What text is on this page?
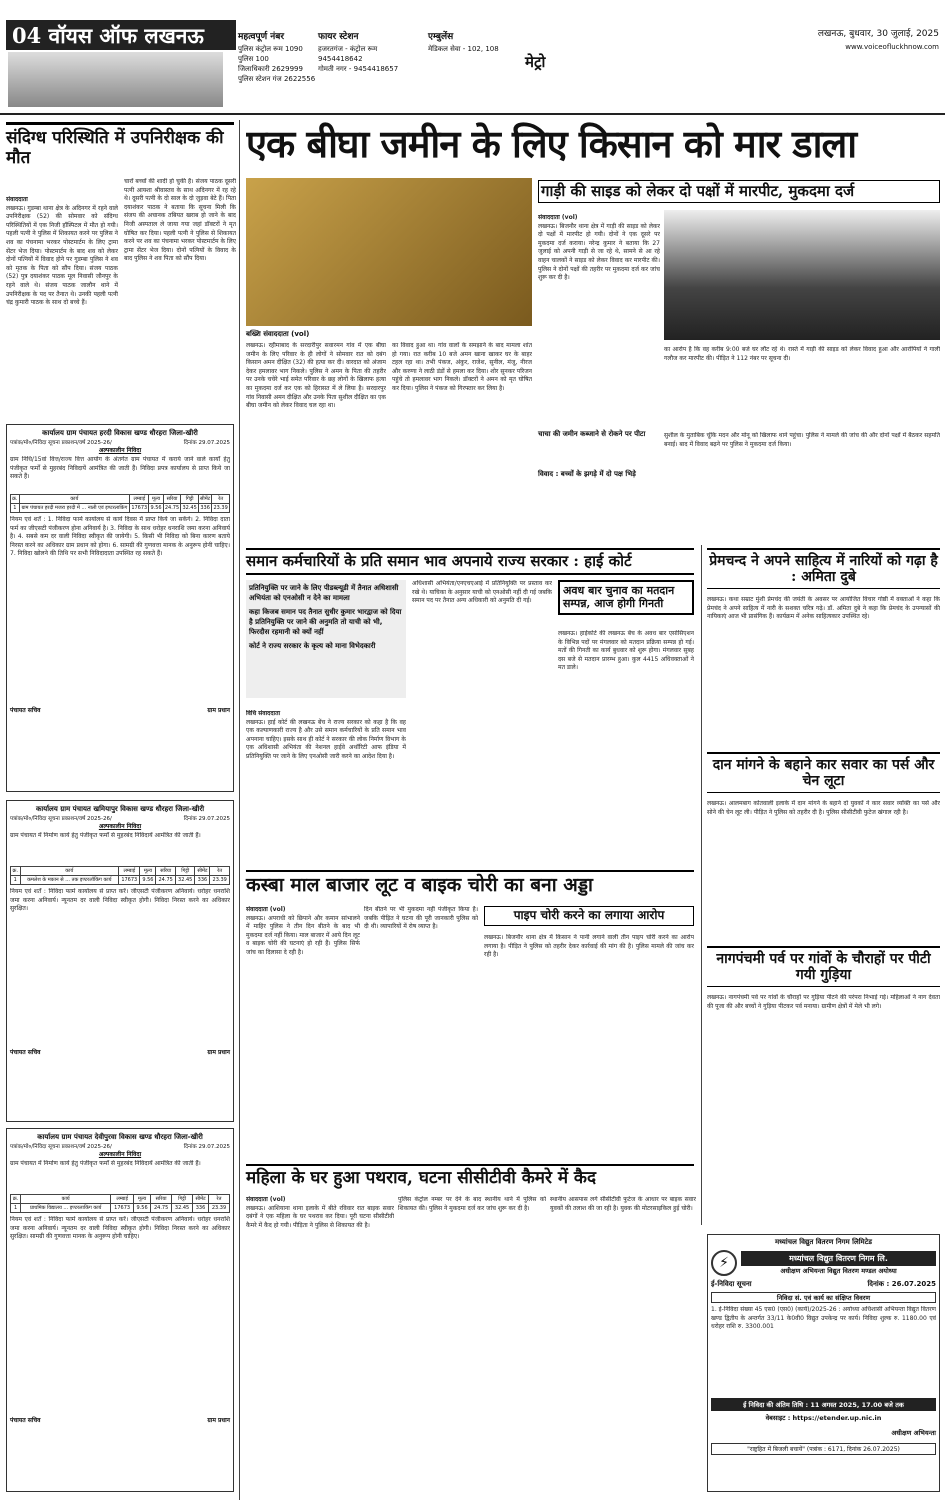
04 वॉयस ऑफ लखनऊ	महत्वपूर्ण नंबर
पुलिस कंट्रोल रूम 1090
पुलिस 100
जिलाधिकारी 2629999
पुलिस स्टेशन गंज 2622556
फायर स्टेशन
हजरतगंज - कंट्रोल रूम
9454418642
गोमती नगर - 9454418657
एम्बुलेंस
मेडिकल सेवा - 102, 108
मेट्रो
लखनऊ, बुधवार, 30 जुलाई, 2025
www.voiceofluckhnow.com
संदिग्ध परिस्थिति में उपनिरीक्षक की मौत
संवाददाता
लखनऊ। गुडम्बा थाना क्षेत्र के अदिनगर में रहने वाले उपनिरीक्षक (52) की सोमवार को संदिग्ध परिस्थितियों में एक निजी हॉस्पिटल में मौत हो गयी। पहली पत्नी ने पुलिस में शिकायत करने पर पुलिस ने शव का पंचनामा भरकर पोस्टमार्टम के लिए ट्रामा सेंटर भेज दिया। पोस्टमार्टम के बाद शव को लेकर दोनों पत्नियों में विवाद होने पर गुडम्बा पुलिस ने शव को मृतक के पिता को सौंप दिया। संजय पाठक (52) पुत्र दयाशंकर पाठक मूल निवासी जौनपुर के रहने वाले थे। संजय पाठक जालौन थाने में उपनिरीक्षक के पद पर तैनात थे। उनकी पहली पत्नी चंद्र कुमारी पाठक के साथ दो बच्चे हैं।
चारों बच्चों की शादी हो चुकी है। संजय पाठक दूसरी पत्नी आयशा श्रीवास्तव के साथ अदिनगर में रह रहे थे। दूसरी पत्नी के दो साल के दो जुड़वा बेटे हैं। पिता दयाशंकर पाठक ने बताया कि सूचना मिली कि संजय की अचानक तबियत खराब हो जाने के बाद निजी अस्पताल ले जाया गया जहां डॉक्टरों ने मृत घोषित कर दिया। पहली पत्नी ने पुलिस से शिकायत करने पर शव का पंचनामा भरकर पोस्टमार्टम के लिए ट्रामा सेंटर भेज दिया। दोनों पत्नियों के विवाद के बाद पुलिस ने शव पिता को सौंप दिया।
कार्यालय ग्राम पंचायत हरदी विकास खण्ड धौरहरा जिला-खीरी
पत्रांक/मो०/निविदा सूचना प्रकाशन/वर्ष 2025-26/	दिनांक 29.07.2025
अल्पकालीन निविदा
ग्राम निधि/15वां वित्त/राज्य वित्त आयोग के अंतर्गत ग्राम पंचायत में कराये जाने वाले कार्यों हेतु पंजीकृत फर्मों से मुहरबंद निविदायें आमंत्रित की जाती हैं। निविदा प्रपत्र कार्यालय से प्राप्त किये जा सकते हैं।
क्र.	कार्य	लम्बाई	मूल्य	सरिया	गिट्टी	सीमेंट	रेत
1	ग्राम पंचायत हरदी मजरा हरदी में ... नाली एवं इण्टरलाकिंग	17673	9.56	24.75	32.45	336	23.39
नियम एवं शर्तें : 1. निविदा फार्म कार्यालय से कार्य दिवस में प्राप्त किये जा सकेंगे। 2. निविदा दाता फर्म का जीएसटी पंजीकरण होना अनिवार्य है। 3. निविदा के साथ धरोहर धनराशि जमा करना अनिवार्य है। 4. सबसे कम दर वाली निविदा स्वीकृत की जायेगी। 5. किसी भी निविदा को बिना कारण बताये निरस्त करने का अधिकार ग्राम प्रधान को होगा। 6. सामग्री की गुणवत्ता मानक के अनुरूप होनी चाहिए। 7. निविदा खोलने की तिथि पर सभी निविदादाता उपस्थित रह सकते हैं।
पंचायत सचिव	ग्राम प्रधान
कार्यालय ग्राम पंचायत खमियापुर विकास खण्ड धौरहरा जिला-खीरी
पत्रांक/मो०/निविदा सूचना प्रकाशन/वर्ष 2025-26/	दिनांक 29.07.2025
अल्पकालीन निविदा
ग्राम पंचायत में निर्माण कार्य हेतु पंजीकृत फर्मों से मुहरबंद निविदायें आमंत्रित की जाती हैं।
क्र.	कार्य	लम्बाई	मूल्य	सरिया	गिट्टी	सीमेंट	रेत
1	कमलेश के मकान से ... तक इण्टरलॉकिंग कार्य	17673	9.56	24.75	32.45	336	23.39
नियम एवं शर्तें : निविदा फार्म कार्यालय से प्राप्त करें। जीएसटी पंजीकरण अनिवार्य। धरोहर धनराशि जमा करना अनिवार्य। न्यूनतम दर वाली निविदा स्वीकृत होगी। निविदा निरस्त करने का अधिकार सुरक्षित।
पंचायत सचिव	ग्राम प्रधान
कार्यालय ग्राम पंचायत देवीपुरवा विकास खण्ड धौरहरा जिला-खीरी
पत्रांक/मो०/निविदा सूचना प्रकाशन/वर्ष 2025-26/	दिनांक 29.07.2025
अल्पकालीन निविदा
ग्राम पंचायत में निर्माण कार्य हेतु पंजीकृत फर्मों से मुहरबंद निविदायें आमंत्रित की जाती हैं।
क्र.	कार्य	लम्बाई	मूल्य	सरिया	गिट्टी	सीमेंट	रेत
1	प्राथमिक विद्यालय ... इण्टरलाकिंग कार्य	17673	9.56	24.75	32.45	336	23.39
नियम एवं शर्तें : निविदा फार्म कार्यालय से प्राप्त करें। जीएसटी पंजीकरण अनिवार्य। धरोहर धनराशि जमा करना अनिवार्य। न्यूनतम दर वाली निविदा स्वीकृत होगी। निविदा निरस्त करने का अधिकार सुरक्षित। सामग्री की गुणवत्ता मानक के अनुरूप होनी चाहिए।
पंचायत सचिव	ग्राम प्रधान
एक बीघा जमीन के लिए किसान को मार डाला
बख्शि संवाददाता (vol)
लखनऊ। रहीमाबाद के सरदारीपुर सवारमन गांव में एक बीघा जमीन के लिए परिवार के ही लोगों ने सोमवार रात को दबंग किसान अमन दीक्षित (32) की हत्या कर दी। वारदात को अंजाम देकर हमलावर भाग निकले। पुलिस ने अमन के पिता की तहरीर पर उनके चचेरे भाई समेत परिवार के छह लोगों के खिलाफ हत्या का मुकदमा दर्ज कर एक को हिरासत में ले लिया है। सरदारपुर गांव निवासी अमन दीक्षित और उनके पिता सुशील दीक्षित का एक बीघा जमीन को लेकर विवाद चल रहा था।
का विवाद हुआ था। गांव वालों के समझाने के बाद मामला शांत हो गया। रात करीब 10 बजे अमन खाना खाकर घर के बाहर टहल रहा था। तभी पंकज, अंकुर, राजेश, सुनील, मंजू, नीरज और करुणा ने लाठी डंडों से हमला कर दिया। शोर सुनकर परिजन पहुंचे तो हमलावर भाग निकले। डॉक्टरों ने अमन को मृत घोषित कर दिया। पुलिस ने पंकज को गिरफ्तार कर लिया है।
गाड़ी की साइड को लेकर दो पक्षों में मारपीट, मुकदमा दर्ज
संवाददाता (vol)
लखनऊ। बिजनौर थाना क्षेत्र में गाड़ी की साइड को लेकर दो पक्षों में मारपीट हो गयी। दोनों ने एक दूसरे पर मुकदमा दर्ज कराया। नरेन्द्र कुमार ने बताया कि 27 जुलाई को अपनी गाड़ी से जा रहे थे, सामने से आ रहे वाहन चालकों ने साइड को लेकर विवाद कर मारपीट की। पुलिस ने दोनों पक्षों की तहरीर पर मुकदमा दर्ज कर जांच शुरू कर दी है।
का आरोप है कि वह करीब 9:00 बजे घर लौट रहे थे। रास्ते में गाड़ी की साइड को लेकर विवाद हुआ और आरोपियों ने गाली गलौज कर मारपीट की। पीड़ित ने 112 नंबर पर सूचना दी।
चाचा की जमीन कब्जाने से रोकने पर पीटा
विवाद : बच्चों के झगड़े में दो पक्ष भिड़े
सुशील के मुताबिक चूंकि मदन और मोनू को खिलाफ थाने पहुंचा। पुलिस ने मामले की जांच की और दोनों पक्षों में बैठकर सहमति बनाई। बाद में विवाद बढ़ने पर पुलिस ने मुकदमा दर्ज किया।
समान कर्मचारियों के प्रति समान भाव अपनाये राज्य सरकार : हाई कोर्ट
प्रतिनियुक्ति पर जाने के लिए पीडब्ल्यूडी में तैनात अधिशासी अभियंता को एनओसी न देने का मामला
कहा किजब समान पद तैनात सुधीर कुमार भारद्वाज को दिया है प्रतिनियुक्ति पर जाने की अनुमति तो याची को भी, फिरदौस रहमानी को क्यों नहीं
कोर्ट ने राज्य सरकार के कृत्य को माना विभेदकारी
विधि संवाददाता
लखनऊ। हाई कोर्ट की लखनऊ बेंच ने राज्य सरकार को कहा है कि वह एक कल्याणकारी राज्य है और उसे समान कर्मचारियों के प्रति समान भाव अपनाना चाहिए। इसके साथ ही कोर्ट ने सरकार की लोक निर्माण विभाग के एक अधिशासी अभियंता की नेशनल हाईवे अथॉरिटी आफ इंडिया में प्रतिनियुक्ति पर जाने के लिए एनओसी जारी करने का आदेश दिया है।
अधिशासी अभियंता/एनएचएआई में प्रतिनियुक्ति पर प्रस्ताव कर रखे थे। याचिका के अनुसार याची को एनओसी नहीं दी गई जबकि समान पद पर तैनात अन्य अधिकारी को अनुमति दी गई।
अवध बार चुनाव का मतदान सम्पन्न, आज होगी गिनती
लखनऊ। हाईकोर्ट की लखनऊ बेंच के अवध बार एसोसिएशन के विभिन्न पदों पर मंगलवार को मतदान प्रक्रिया सम्पन्न हो गई। मतों की गिनती का कार्य बुधवार को शुरू होगा। मंगलवार सुबह दस बजे से मतदान प्रारम्भ हुआ। कुल 4415 अधिवक्ताओं ने मत डाले।
प्रेमचन्द ने अपने साहित्य में नारियों को गढ़ा है : अमिता दुबे
लखनऊ। कथा सम्राट मुंशी प्रेमचंद की जयंती के अवसर पर आयोजित विचार गोष्ठी में वक्ताओं ने कहा कि प्रेमचंद ने अपने साहित्य में नारी के सशक्त चरित्र गढ़े। डॉ. अमिता दुबे ने कहा कि प्रेमचंद के उपन्यासों की नायिकाएं आज भी प्रासंगिक हैं। कार्यक्रम में अनेक साहित्यकार उपस्थित रहे।
दान मांगने के बहाने कार सवार का पर्स और चेन लूटा
लखनऊ। आलमबाग कोतवाली इलाके में दान मांगने के बहाने दो युवकों ने कार सवार व्यक्ति का पर्स और सोने की चेन लूट ली। पीड़ित ने पुलिस को तहरीर दी है। पुलिस सीसीटीवी फुटेज खंगाल रही है।
नागपंचमी पर्व पर गांवों के चौराहों पर पीटी गयी गुड़िया
लखनऊ। नागपंचमी पर्व पर गांवों के चौराहों पर गुड़िया पीटने की परंपरा निभाई गई। महिलाओं ने नाग देवता की पूजा की और बच्चों ने गुड़िया पीटकर पर्व मनाया। ग्रामीण क्षेत्रों में मेले भी लगे।
कस्बा माल बाजार लूट व बाइक चोरी का बना अड्डा
संवाददाता (vol)
लखनऊ। अपराधी को छिपाने और कमान सांभालने में माहिर पुलिस ने तीन दिन बीतने के बाद भी मुकदमा दर्ज नहीं किया। माल बाजार में आये दिन लूट व बाइक चोरी की घटनाएं हो रही हैं। पुलिस सिर्फ जांच का दिलासा दे रही है।
दिन बीतने पर भी मुकदमा नहीं पंजीकृत किया है। जबकि पीड़ित ने घटना की पूरी जानकारी पुलिस को दी थी। व्यापारियों में रोष व्याप्त है।
पाइप चोरी करने का लगाया आरोप
लखनऊ। बिजनौर थाना क्षेत्र में किसान ने पानी लगाने वाली तीन पाइप चोरी करने का आरोप लगाया है। पीड़ित ने पुलिस को तहरीर देकर कार्रवाई की मांग की है। पुलिस मामले की जांच कर रही है।
महिला के घर हुआ पथराव, घटना सीसीटीवी कैमरे में कैद
संवाददाता (vol)
लखनऊ। आशियाना थाना इलाके में बीते रविवार रात बाइक सवार दबंगों ने एक महिला के घर पथराव कर दिया। पूरी घटना सीसीटीवी कैमरे में कैद हो गयी। पीड़िता ने पुलिस से शिकायत की है।
पुलिस कंट्रोल नम्बर पर देने के बाद स्थानीय थाने में पुलिस को शिकायत की। पुलिस ने मुकदमा दर्ज कर जांच शुरू कर दी है।
स्थानीय आसपास लगे सीसीटीवी फुटेज के आधार पर बाइक सवार युवकों की तलाश की जा रही है। युवक की मोटरसाइकिल हुई चोरी।
मध्यांचल विद्युत वितरण निगम लिमिटेड
⚡	मध्यांचल विद्युत वितरण निगम लि.
अधीक्षण अभियन्ता विद्युत वितरण मण्डल अयोध्या
ई-निविदा सूचना	दिनांक : 26.07.2025
निविदा सं. एवं कार्य का संक्षिप्त विवरण
1. ई-निविदा संख्या 45 एस0 (एस0) (कार्य)/2025-26 : अयोध्या अधिशासी अभियन्ता विद्युत वितरण खण्ड द्वितीय के अन्तर्गत 33/11 के0वी0 विद्युत उपकेन्द्र पर कार्य। निविदा शुल्क रु. 1180.00 एवं धरोहर राशि रु. 3300.001
ई निविदा की अंतिम तिथि : 11 अगस्त 2025, 17.00 बजे तक
वेबसाइट : https://etender.up.nic.in
अधीक्षण अभियन्ता
"राष्ट्रहित में बिजली बचायें" (पत्रांक : 6171, दिनांक 26.07.2025)
